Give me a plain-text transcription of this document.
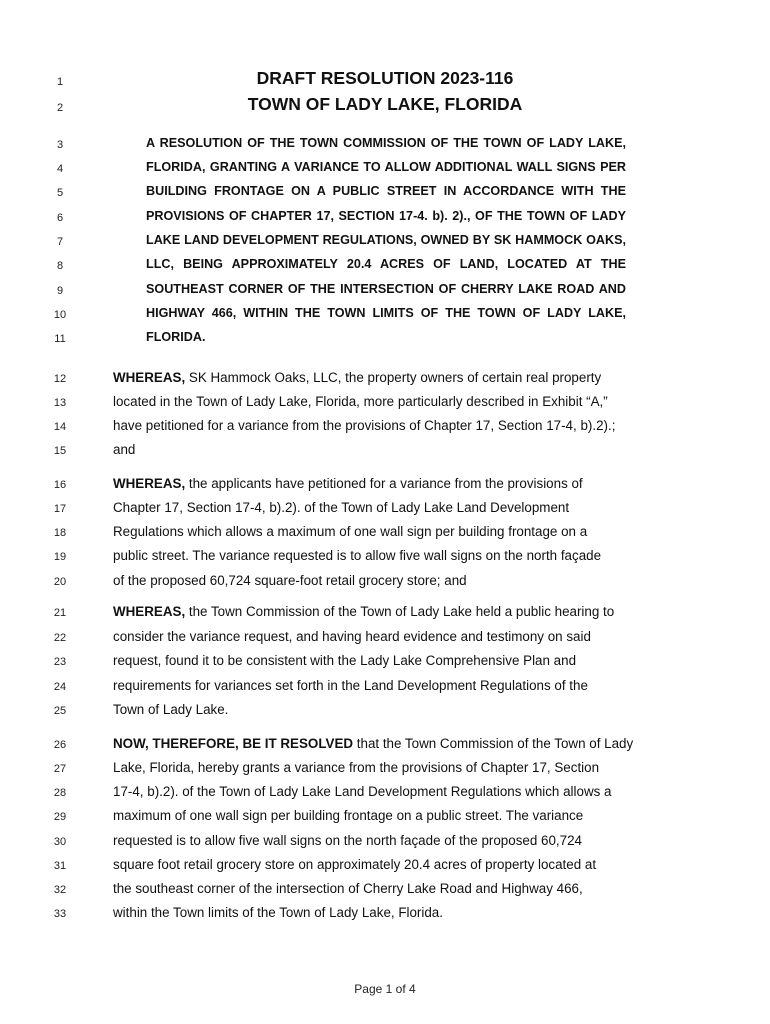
1	DRAFT RESOLUTION 2023-116
2	TOWN OF LADY LAKE, FLORIDA
3	A RESOLUTION OF THE TOWN COMMISSION OF THE TOWN OF LADY LAKE,
4	FLORIDA, GRANTING A VARIANCE TO ALLOW ADDITIONAL WALL SIGNS PER
5	BUILDING FRONTAGE ON A PUBLIC STREET IN ACCORDANCE WITH THE
6	PROVISIONS OF CHAPTER 17, SECTION 17-4. b). 2)., OF THE TOWN OF LADY
7	LAKE LAND DEVELOPMENT REGULATIONS, OWNED BY SK HAMMOCK OAKS,
8	LLC, BEING APPROXIMATELY 20.4 ACRES OF LAND, LOCATED AT THE
9	SOUTHEAST CORNER OF THE INTERSECTION OF CHERRY LAKE ROAD AND
10	HIGHWAY 466, WITHIN THE TOWN LIMITS OF THE TOWN OF LADY LAKE,
11	FLORIDA.
12	WHEREAS, SK Hammock Oaks, LLC, the property owners of certain real property
13	located in the Town of Lady Lake, Florida, more particularly described in Exhibit “A,”
14	have petitioned for a variance from the provisions of Chapter 17, Section 17-4, b).2).;
15	and
16	WHEREAS, the applicants have petitioned for a variance from the provisions of
17	Chapter 17, Section 17-4, b).2). of the Town of Lady Lake Land Development
18	Regulations which allows a maximum of one wall sign per building frontage on a
19	public street. The variance requested is to allow five wall signs on the north façade
20	of the proposed 60,724 square-foot retail grocery store; and
21	WHEREAS, the Town Commission of the Town of Lady Lake held a public hearing to
22	consider the variance request, and having heard evidence and testimony on said
23	request, found it to be consistent with the Lady Lake Comprehensive Plan and
24	requirements for variances set forth in the Land Development Regulations of the
25	Town of Lady Lake.
26	NOW, THEREFORE, BE IT RESOLVED that the Town Commission of the Town of Lady
27	Lake, Florida, hereby grants a variance from the provisions of Chapter 17, Section
28	17-4, b).2). of the Town of Lady Lake Land Development Regulations which allows a
29	maximum of one wall sign per building frontage on a public street. The variance
30	requested is to allow five wall signs on the north façade of the proposed 60,724
31	square foot retail grocery store on approximately 20.4 acres of property located at
32	the southeast corner of the intersection of Cherry Lake Road and Highway 466,
33	within the Town limits of the Town of Lady Lake, Florida.
Page 1 of 4
